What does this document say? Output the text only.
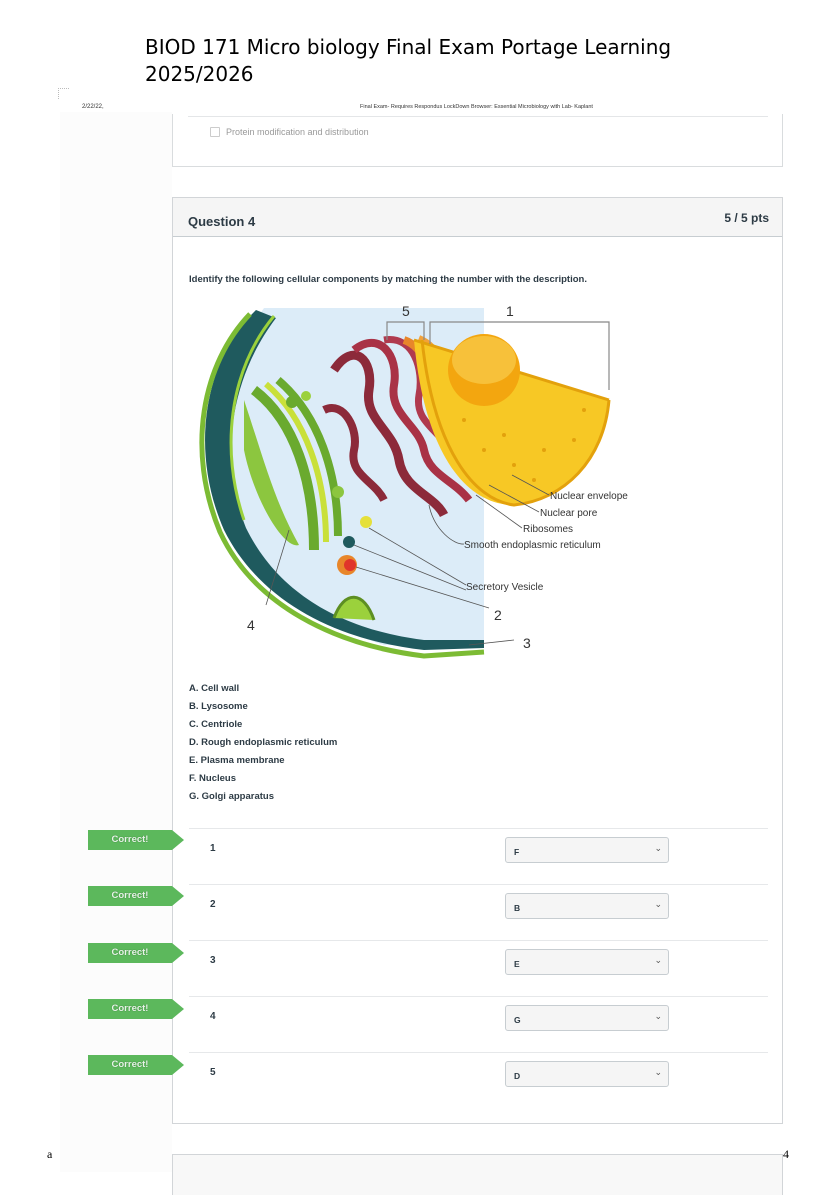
BIOD 171 Micro biology Final Exam Portage Learning
2025/2026
2/22/22,	Final Exam- Requires Respondus LockDown Browser: Essential Microbiology with Lab- Kaplant
Protein modification and distribution
Question 4	5 / 5 pts
Identify the following cellular components by matching the number with the description.
5	1
Nuclear envelope
Nuclear pore
Ribosomes
Smooth endoplasmic reticulum
Secretory Vesicle
2
3
4
A. Cell wall
B. Lysosome
C. Centriole
D. Rough endoplasmic reticulum
E. Plasma membrane
F. Nucleus
G. Golgi apparatus
1	F	⌄
2	B	⌄
3	E	⌄
4	G	⌄
5	D	⌄
Correct!
Correct!
Correct!
Correct!
Correct!
a	4
